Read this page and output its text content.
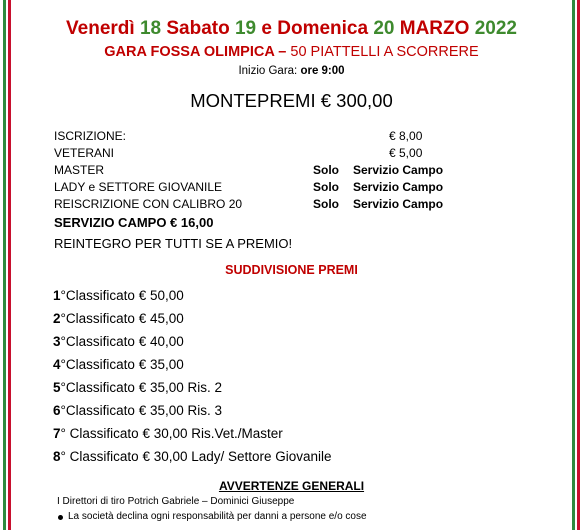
Venerdì 18 Sabato 19 e Domenica 20 MARZO 2022
GARA FOSSA OLIMPICA – 50 PIATTELLI A SCORRERE
Inizio Gara: ore 9:00
MONTEPREMI € 300,00
ISCRIZIONE:	€ 8,00
VETERANI	€ 5,00
MASTER	Solo Servizio Campo
LADY e SETTORE GIOVANILE	Solo Servizio Campo
REISCRIZIONE CON CALIBRO 20	Solo Servizio Campo
SERVIZIO CAMPO € 16,00
REINTEGRO PER TUTTI SE A PREMIO!
SUDDIVISIONE PREMI
1°Classificato € 50,00
2°Classificato € 45,00
3°Classificato € 40,00
4°Classificato € 35,00
5°Classificato € 35,00 Ris. 2
6°Classificato € 35,00 Ris. 3
7° Classificato € 30,00 Ris.Vet./Master
8° Classificato € 30,00 Lady/ Settore Giovanile
AVVERTENZE GENERALI
I Direttori di tiro Potrich Gabriele – Dominici Giuseppe
La società declina ogni responsabilità per danni a persone e/o cose
